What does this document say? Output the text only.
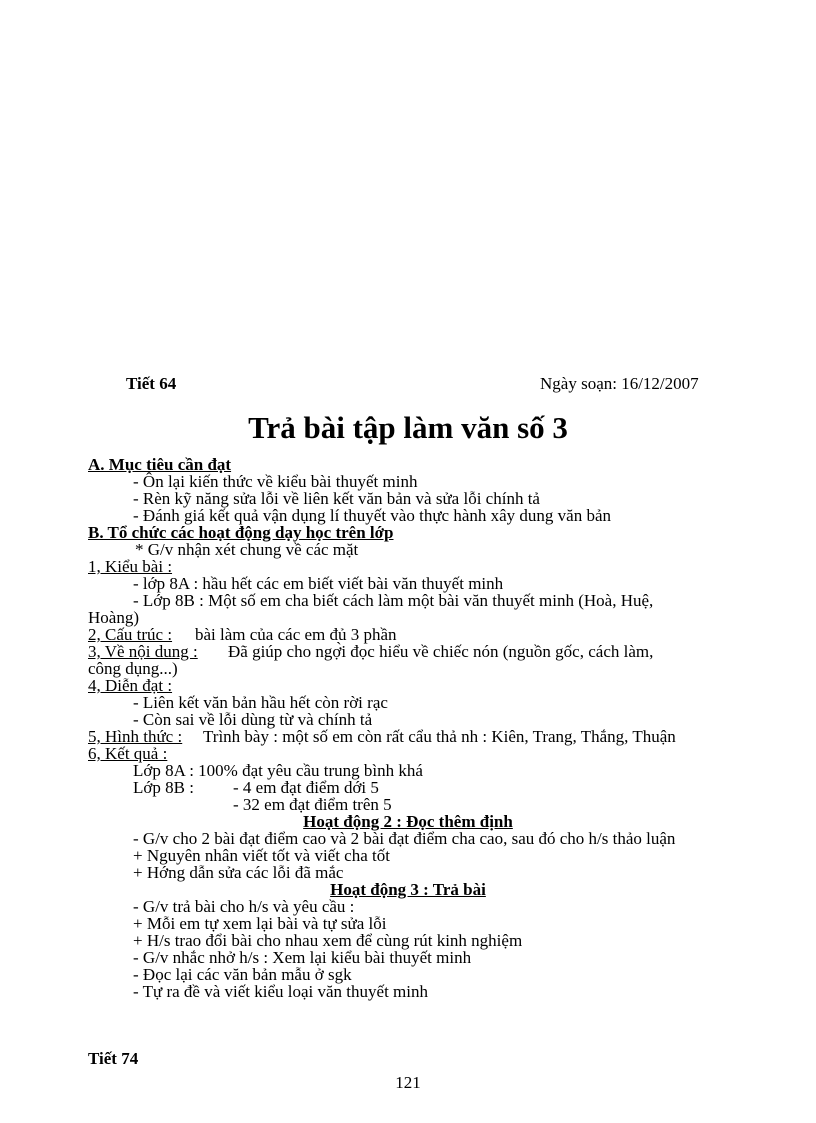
Tiết 64	Ngày soạn: 16/12/2007
Trả bài tập làm văn số 3
A. Mục tiêu cần đạt
- Ôn lại kiến thức về kiểu bài thuyết minh
- Rèn kỹ năng sửa lỗi về liên kết văn bản và sửa lỗi chính tả
- Đánh giá kết quả vận dụng lí thuyết vào thực hành xây dung văn bản
B. Tổ chức các hoạt động dạy học trên lớp
* G/v nhận xét chung về các mặt
1, Kiểu bài :
- lớp 8A : hầu hết các em biết viết bài văn thuyết minh
- Lớp 8B : Một số em cha biết cách làm một bài văn thuyết minh (Hoà, Huệ,
Hoàng)
2, Cấu trúc : bài làm của các em đủ 3 phần
3, Về nội dung : Đã giúp cho ngợ̀i đọc hiểu về chiếc nón (nguồn gốc, cách làm,
công dụng...)
4, Diễn đạt :
- Liên kết văn bản hầu hết còn rời rạc
- Còn sai về lỗi dùng từ và chính tả
5, Hình thức : Trình bày : một số em còn rất cẩu thả nh : Kiên, Trang, Thắng, Thuận
6, Kết quả :
Lớp 8A : 100% đạt yêu cầu trung bình khá
Lớp 8B : - 4 em đạt điểm dới 5
- 32 em đạt điểm trên 5
Hoạt động 2 : Đọc thêm định
- G/v cho 2 bài đạt điểm cao và 2 bài đạt điểm cha cao, sau đó cho h/s thảo luận
+ Nguyên nhân viết tốt và viết cha tốt
+ Hớng dẫn sửa các lỗi đã mắc
Hoạt động 3 : Trả bài
- G/v trả bài cho h/s và yêu cầu :
+ Mỗi em tự xem lại bài và tự sửa lỗi
+ H/s trao đổi bài cho nhau xem để cùng rút kinh nghiệm
- G/v nhắc nhở h/s : Xem lại kiểu bài thuyết minh
- Đọc lại các văn bản mẫu ở sgk
- Tự ra đề và viết kiểu loại văn thuyết minh
Tiết 74
121
